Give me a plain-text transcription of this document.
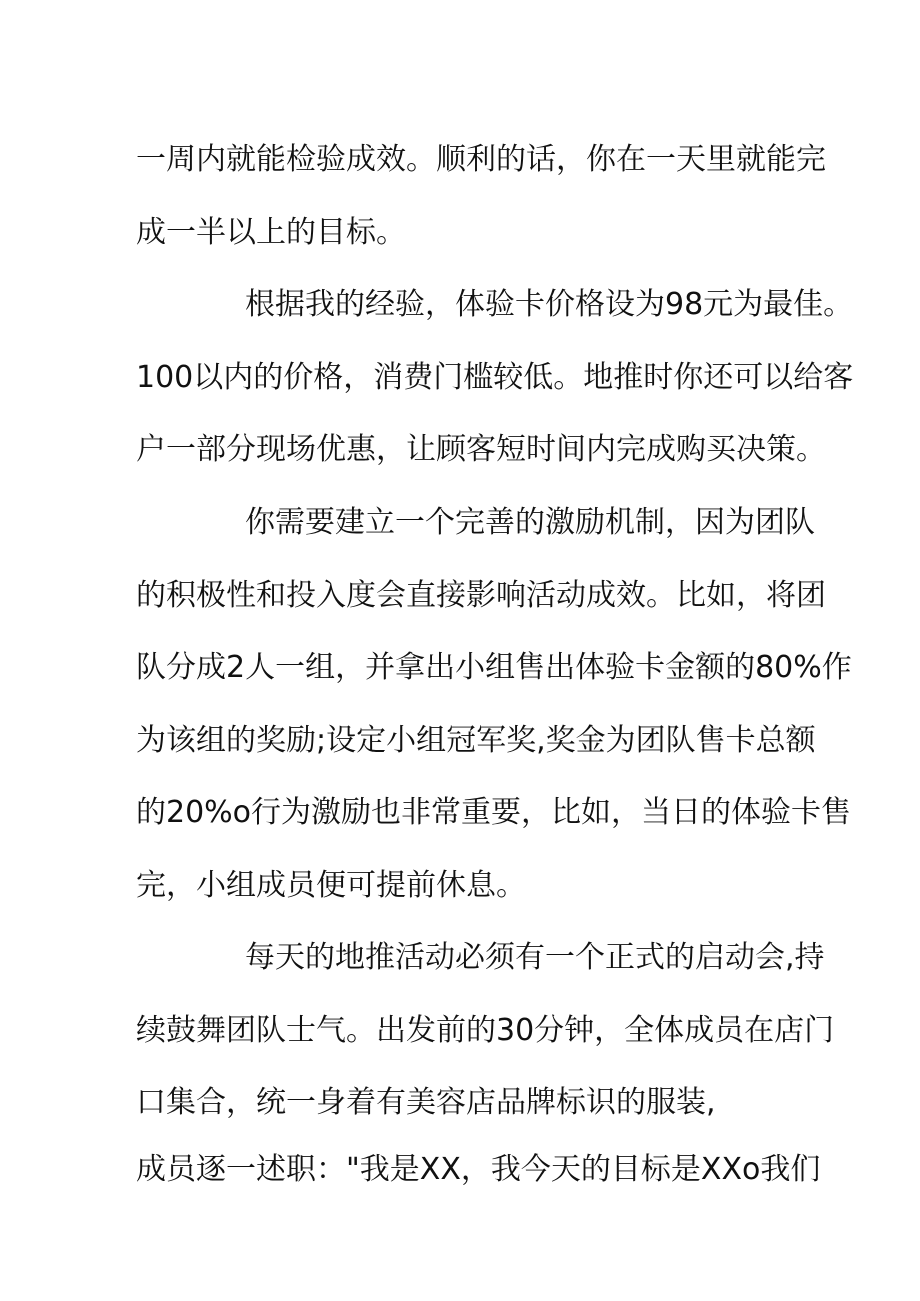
一周内就能检验成效。顺利的话，你在一天里就能完

成一半以上的目标。

根据我的经验，体验卡价格设为98元为最佳。

100以内的价格，消费门槛较低。地推时你还可以给客

户一部分现场优惠，让顾客短时间内完成购买决策。

你需要建立一个完善的激励机制，因为团队

的积极性和投入度会直接影响活动成效。比如，将团

队分成2人一组，并拿出小组售出体验卡金额的80%作

为该组的奖励;设定小组冠军奖,奖金为团队售卡总额

的20%o行为激励也非常重要，比如，当日的体验卡售

完，小组成员便可提前休息。

每天的地推活动必须有一个正式的启动会,持

续鼓舞团队士气。出发前的30分钟，全体成员在店门

口集合，统一身着有美容店品牌标识的服装,

成员逐一述职："我是XX，我今天的目标是XXo我们
